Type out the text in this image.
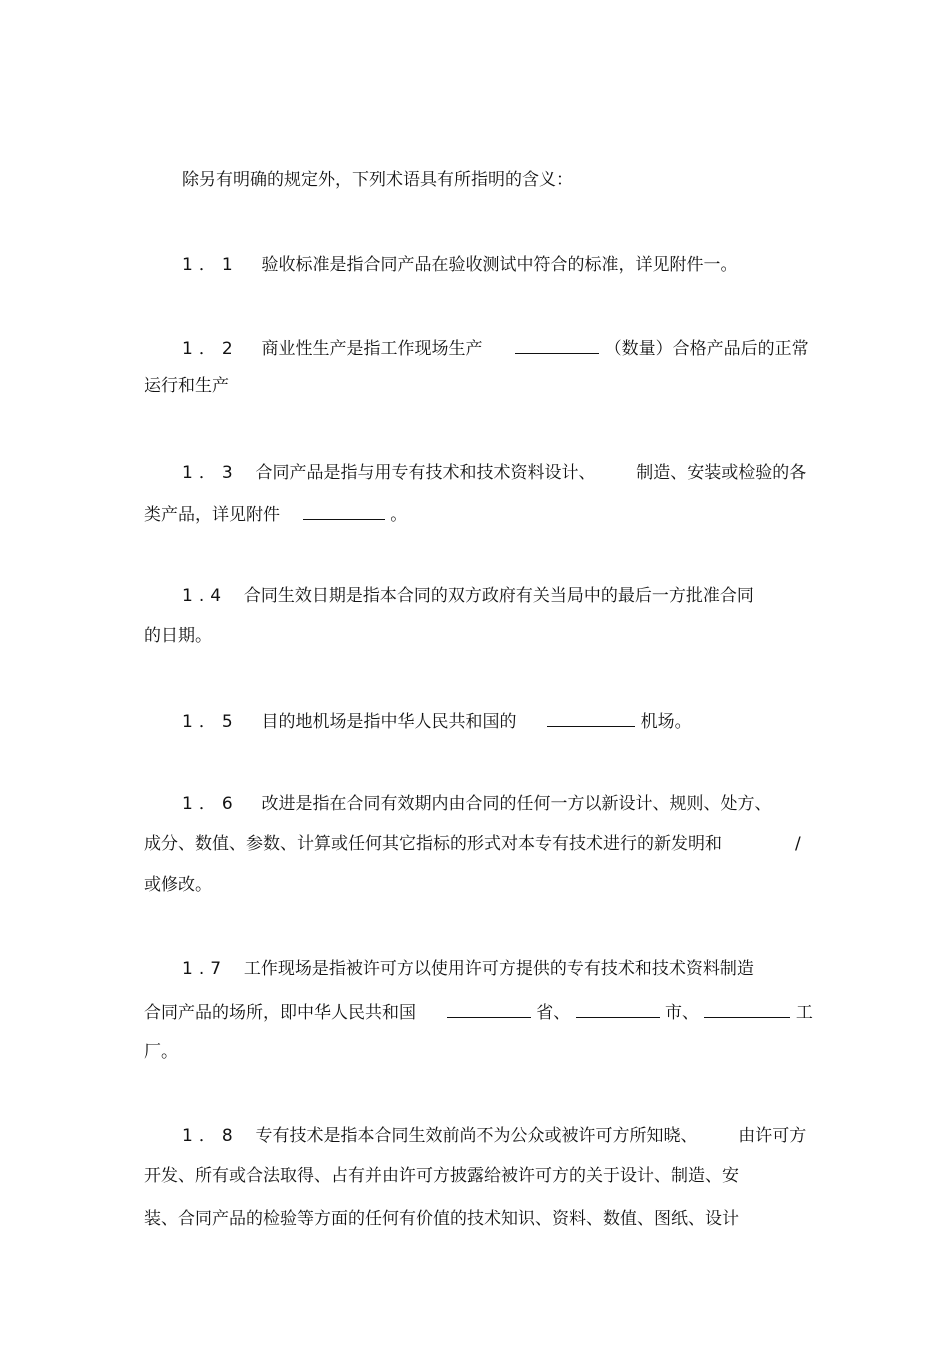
除另有明确的规定外，下列术语具有所指明的含义：
1．1 验收标准是指合同产品在验收测试中符合的标准，详见附件一。
1．2 商业性生产是指工作现场生产	（数量）合格产品后的正常
运行和生产
1．3 合同产品是指与用专有技术和技术资料设计、 制造、安装或检验的各
类产品，详见附件	。
1.4 合同生效日期是指本合同的双方政府有关当局中的最后一方批准合同
的日期。
1．5 目的地机场是指中华人民共和国的	机场。
1．6 改进是指在合同有效期内由合同的任何一方以新设计、规则、处方、
成分、数值、参数、计算或任何其它指标的形式对本专有技术进行的新发明和	/
或修改。
1.7 工作现场是指被许可方以使用许可方提供的专有技术和技术资料制造
合同产品的场所，即中华人民共和国	省、	市、	工
厂。
1．8 专有技术是指本合同生效前尚不为公众或被许可方所知晓、 由许可方
开发、所有或合法取得、占有并由许可方披露给被许可方的关于设计、制造、安
装、合同产品的检验等方面的任何有价值的技术知识、资料、数值、图纸、设计
